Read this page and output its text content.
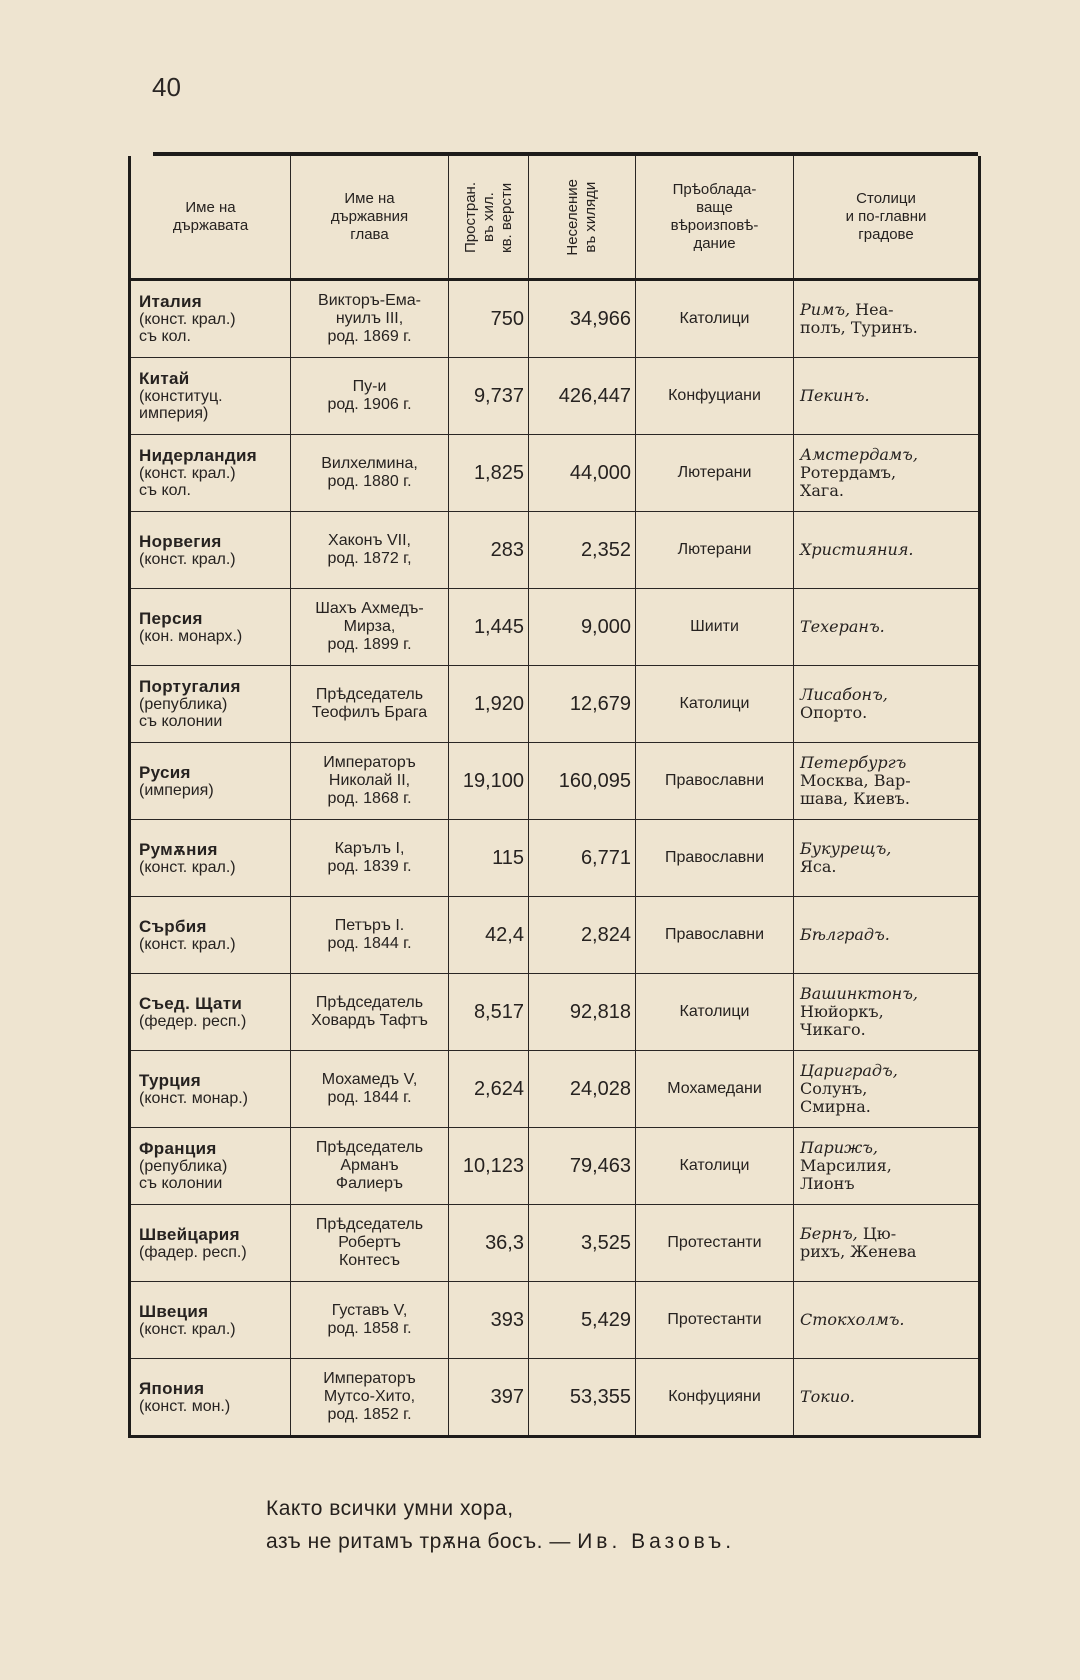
40
Име на
държавата	Име на
държавния
глава	Простран.
въ хил.
кв. версти	Неселение
въ хиляди	Прѣоблада-
ваще
вѣроизповѣ-
дание	Столици
и по-главни
градове

Италия
(конст. крал.)
съ кол.	Викторъ-Ема-
нуилъ III,
род. 1869 г.	750	34,966	Католици	Римъ, Неа-
полъ, Туринъ.

Китай
(конституц.
империя)	Пу-и
род. 1906 г.	9,737	426,447	Конфуциани	Пекинъ.

Нидерландия
(конст. крал.)
съ кол.	Вилхелмина,
род. 1880 г.	1,825	44,000	Лютерани	Амстердамъ,
Ротердамъ,
Хага.

Норвегия
(конст. крал.)	Хаконъ VII,
род. 1872 г,	283	2,352	Лютерани	Християния.

Персия
(кон. монарх.)	Шахъ Ахмедъ-
Мирза,
род. 1899 г.	1,445	9,000	Шиити	Техеранъ.

Португалия
(република)
съ колонии	Прѣдседатель
Теофилъ Брага	1,920	12,679	Католици	Лисабонъ,
Опорто.

Русия
(империя)	Императоръ
Николай II,
род. 1868 г.	19,100	160,095	Православни	Петербургъ
Москва, Вар-
шава, Киевъ.

Румѫния
(конст. крал.)	Карълъ I,
род. 1839 г.	115	6,771	Православни	Букурещъ,
Яса.

Сърбия
(конст. крал.)	Петъръ I.
род. 1844 г.	42,4	2,824	Православни	Бѣлградъ.

Съед. Щати
(федер. респ.)	Прѣдседатель
Ховардъ Тафтъ	8,517	92,818	Католици	Вашинктонъ,
Нюйоркъ,
Чикаго.

Турция
(конст. монар.)	Мохамедъ V,
род. 1844 г.	2,624	24,028	Мохамедани	Цариградъ,
Солунъ,
Смирна.

Франция
(република)
съ колонии	Прѣдседатель
Арманъ
Фалиеръ	10,123	79,463	Католици	Парижъ,
Марсилия,
Лионъ

Швейцария
(фадер. респ.)	Прѣдседатель
Робертъ
Контесъ	36,3	3,525	Протестанти	Бернъ, Цю-
рихъ, Женева

Швеция
(конст. крал.)	Густавъ V,
род. 1858 г.	393	5,429	Протестанти	Стокхолмъ.

Япония
(конст. мон.)	Императоръ
Мутсо-Хито,
род. 1852 г.	397	53,355	Конфуцияни	Токио.
Както всички умни хора,
азъ не ритамъ трѫна босъ. — Ив. Вазовъ.
